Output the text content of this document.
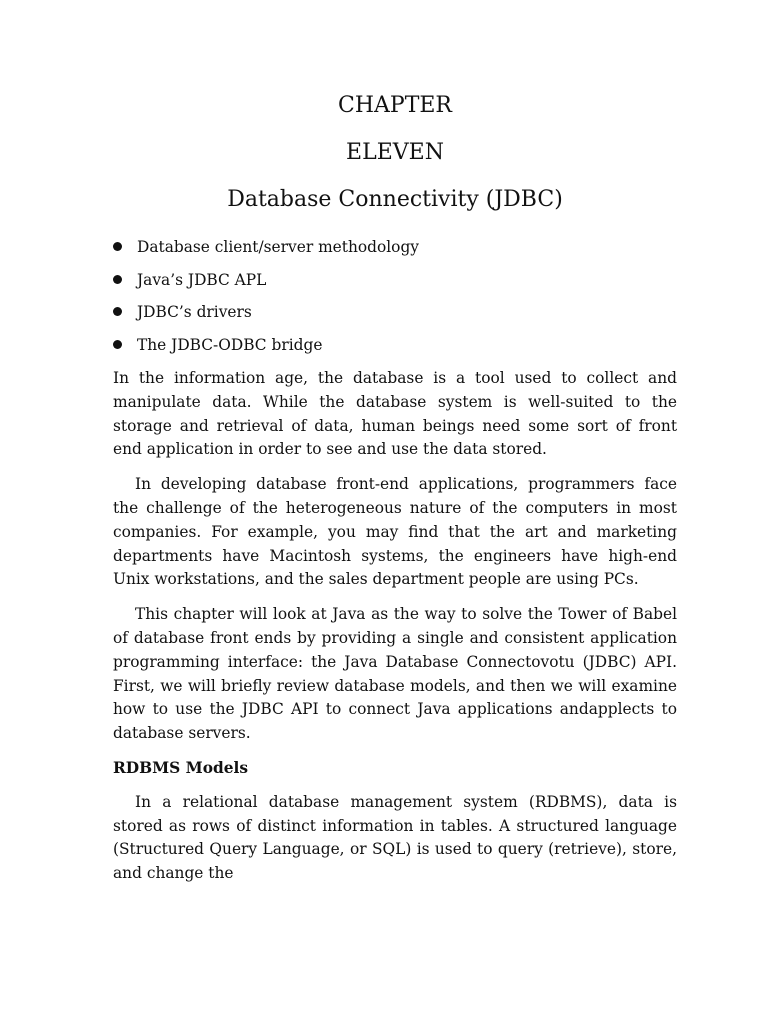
CHAPTER
ELEVEN
Database Connectivity (JDBC)
Database client/server methodology
Java’s JDBC APL
JDBC’s drivers
The JDBC-ODBC bridge

In the information age, the database is a tool used to collect and manipulate data. While the database system is well-suited to the storage and retrieval of data, human beings need some sort of front end application in order to see and use the data stored.

In developing database front-end applications, programmers face the challenge of the heterogeneous nature of the computers in most companies. For example, you may find that the art and marketing departments have Macintosh systems, the engineers have high-end Unix workstations, and the sales department people are using PCs.

This chapter will look at Java as the way to solve the Tower of Babel of database front ends by providing a single and consistent application programming interface: the Java Database Connectovotu (JDBC) API. First, we will briefly review database models, and then we will examine how to use the JDBC API to connect Java applications andapplects to database servers.

RDBMS Models

In a relational database management system (RDBMS), data is stored as rows of distinct information in tables. A structured language (Structured Query Language, or SQL) is used to query (retrieve), store, and change the
